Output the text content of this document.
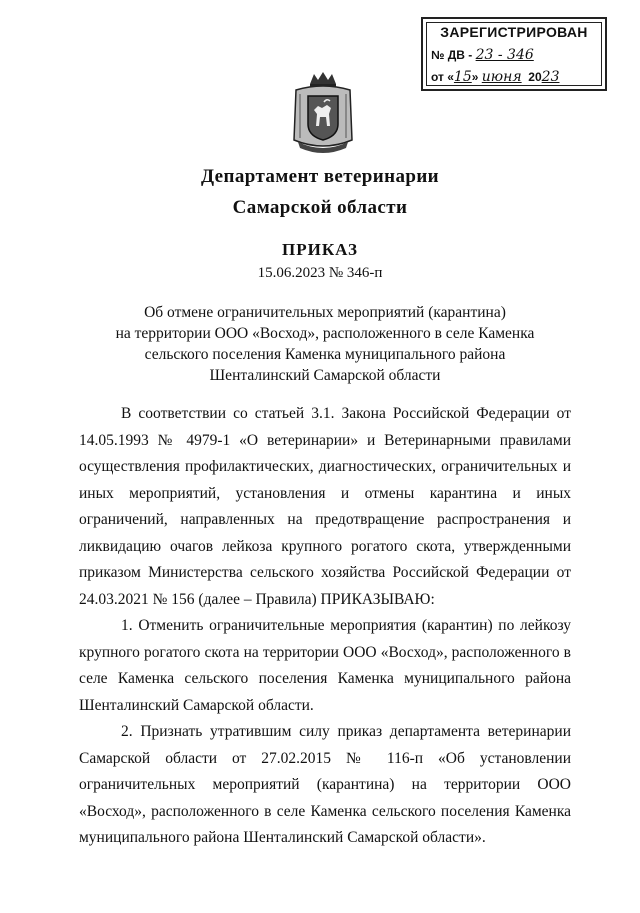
ЗАРЕГИСТРИРОВАН
№ ДВ - 23 - 346
от «15» июня 2023
Департамент ветеринарии
Самарской области
ПРИКАЗ
15.06.2023 № 346-п
Об отмене ограничительных мероприятий (карантина)
на территории ООО «Восход», расположенного в селе Каменка
сельского поселения Каменка муниципального района
Шенталинский Самарской области

В соответствии со статьей 3.1. Закона Российской Федерации от 14.05.1993 № 4979-1 «О ветеринарии» и Ветеринарными правилами осуществления профилактических, диагностических, ограничительных и иных мероприятий, установления и отмены карантина и иных ограничений, направленных на предотвращение распространения и ликвидацию очагов лейкоза крупного рогатого скота, утвержденными приказом Министерства сельского хозяйства Российской Федерации от 24.03.2021 № 156 (далее – Правила) ПРИКАЗЫВАЮ:

1. Отменить ограничительные мероприятия (карантин) по лейкозу крупного рогатого скота на территории ООО «Восход», расположенного в селе Каменка сельского поселения Каменка муниципального района Шенталинский Самарской области.

2. Признать утратившим силу приказ департамента ветеринарии Самарской области от 27.02.2015 № 116-п «Об установлении ограничительных мероприятий (карантина) на территории ООО «Восход», расположенного в селе Каменка сельского поселения Каменка муниципального района Шенталинский Самарской области».
